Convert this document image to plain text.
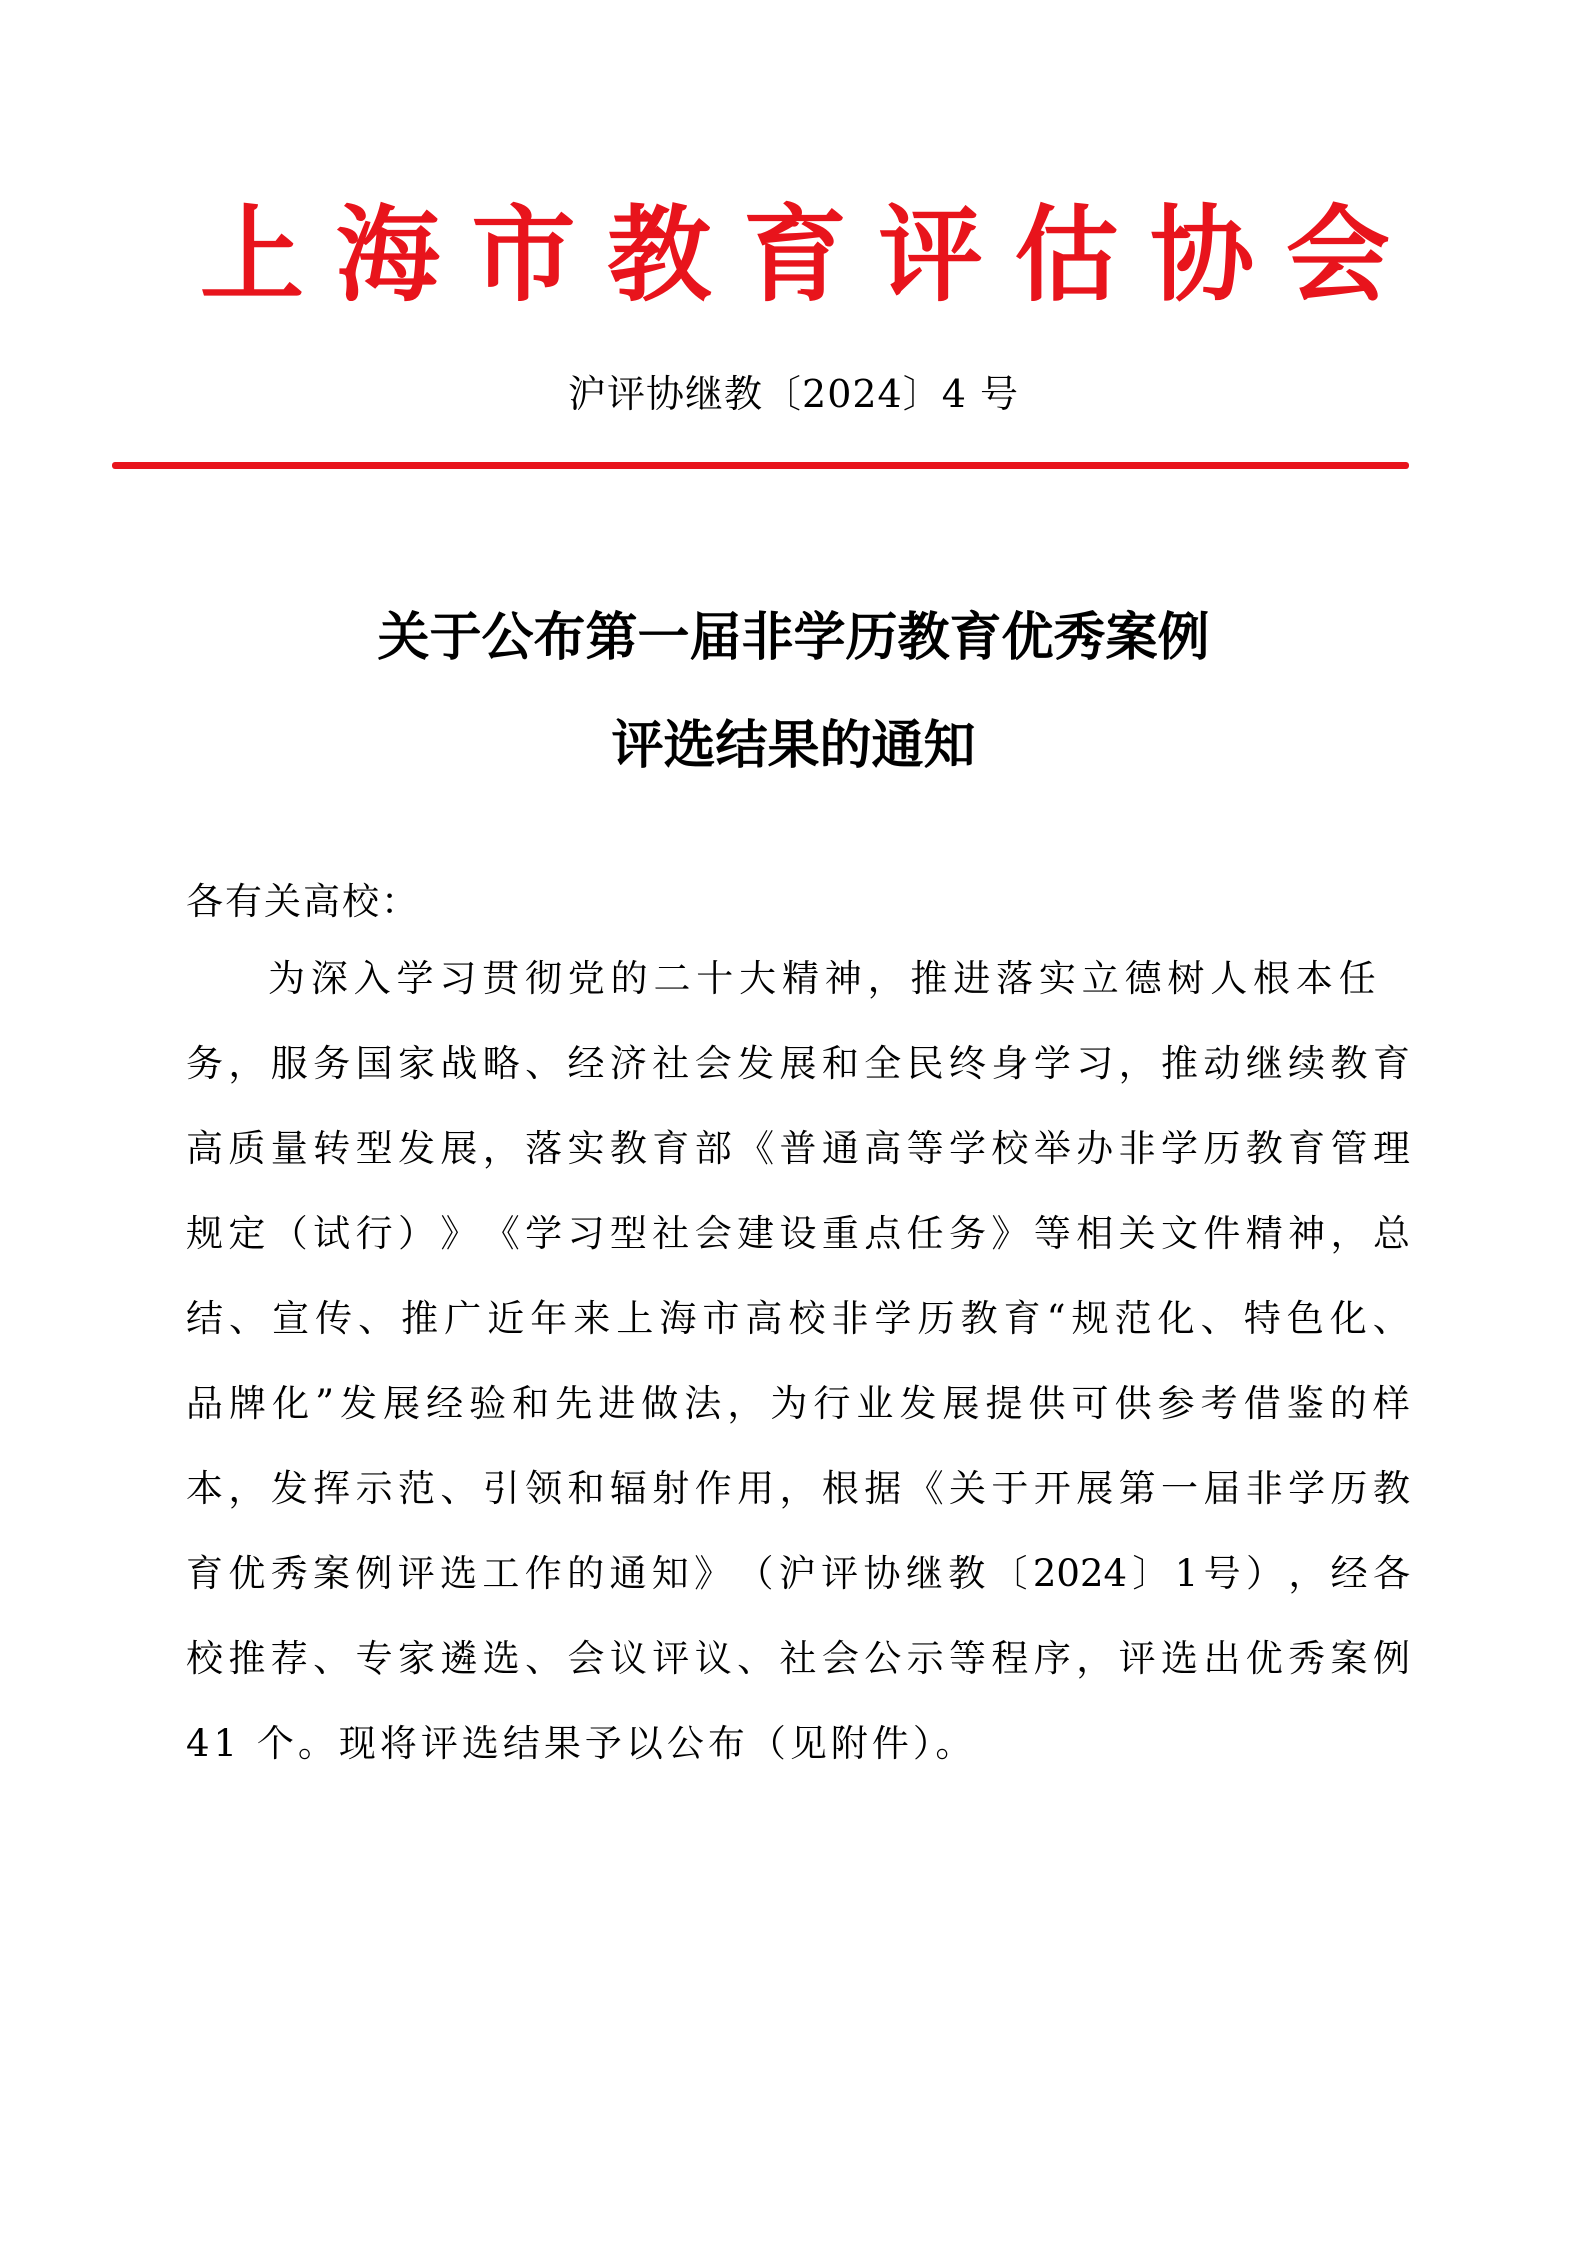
上 海 市 教 育 评 估 协 会
沪评协继教〔2024〕4 号
关于公布第一届非学历教育优秀案例
评选结果的通知
各有关高校：
为 深 入 学 习 贯 彻 党 的 二 十 大 精 神 ， 推 进 落 实 立 德 树 人 根 本 任
务 ， 服 务 国 家 战 略 、 经 济 社 会 发 展 和 全 民 终 身 学 习 ， 推 动 继 续 教 育
高 质 量 转 型 发 展 ， 落 实 教 育 部 《 普 通 高 等 学 校 举 办 非 学 历 教 育 管 理
规 定 （ 试 行 ） 》 《 学 习 型 社 会 建 设 重 点 任 务 》 等 相 关 文 件 精 神 ， 总
结 、 宣 传 、 推 广 近 年 来 上 海 市 高 校 非 学 历 教 育 “ 规 范 化 、 特 色 化 、
品 牌 化 ” 发 展 经 验 和 先 进 做 法 ， 为 行 业 发 展 提 供 可 供 参 考 借 鉴 的 样
本 ， 发 挥 示 范 、 引 领 和 辐 射 作 用 ， 根 据 《 关 于 开 展 第 一 届 非 学 历 教
育 优 秀 案 例 评 选 工 作 的 通 知 》 （ 沪 评 协 继 教 〔 2024 〕 1 号 ） ， 经 各
校 推 荐 、 专 家 遴 选 、 会 议 评 议 、 社 会 公 示 等 程 序 ， 评 选 出 优 秀 案 例
41 个。现将评选结果予以公布（见附件）。
